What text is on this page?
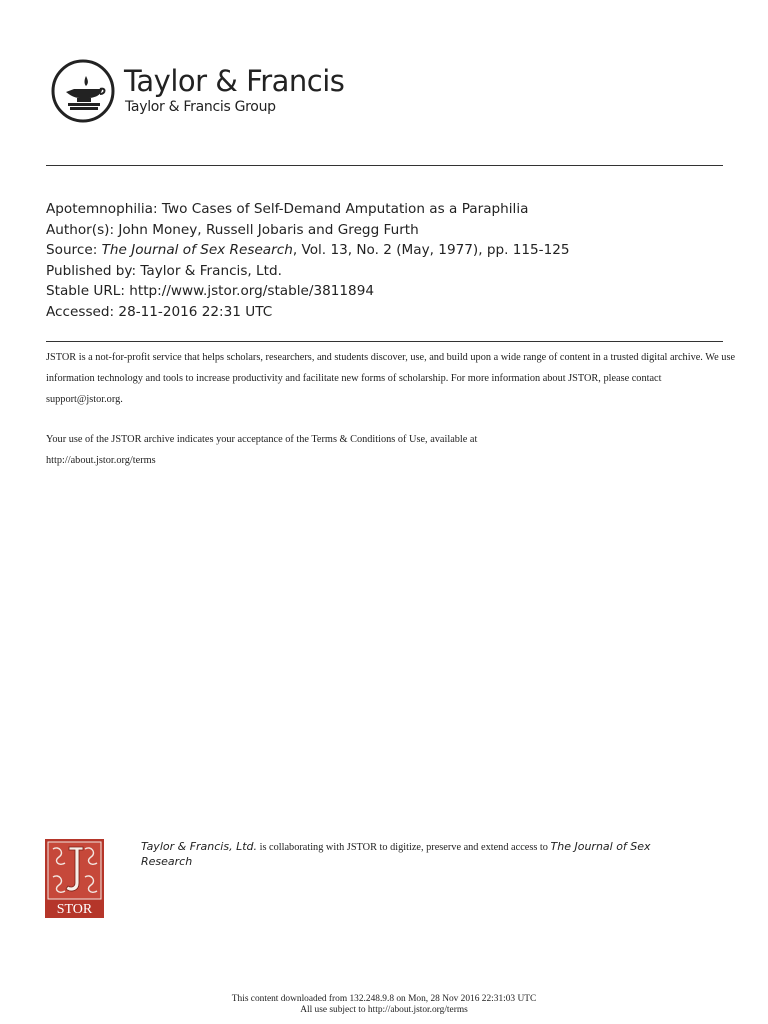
Taylor & Francis
Taylor & Francis Group
Apotemnophilia: Two Cases of Self-Demand Amputation as a Paraphilia
Author(s): John Money, Russell Jobaris and Gregg Furth
Source: The Journal of Sex Research, Vol. 13, No. 2 (May, 1977), pp. 115-125
Published by: Taylor & Francis, Ltd.
Stable URL: http://www.jstor.org/stable/3811894
Accessed: 28-11-2016 22:31 UTC
JSTOR is a not-for-profit service that helps scholars, researchers, and students discover, use, and build upon a wide range of content in a trusted digital archive. We use information technology and tools to increase productivity and facilitate new forms of scholarship. For more information about JSTOR, please contact support@jstor.org.
Your use of the JSTOR archive indicates your acceptance of the Terms & Conditions of Use, available at http://about.jstor.org/terms
STOR
Taylor & Francis, Ltd. is collaborating with JSTOR to digitize, preserve and extend access to The Journal of Sex Research
This content downloaded from 132.248.9.8 on Mon, 28 Nov 2016 22:31:03 UTC
All use subject to http://about.jstor.org/terms
